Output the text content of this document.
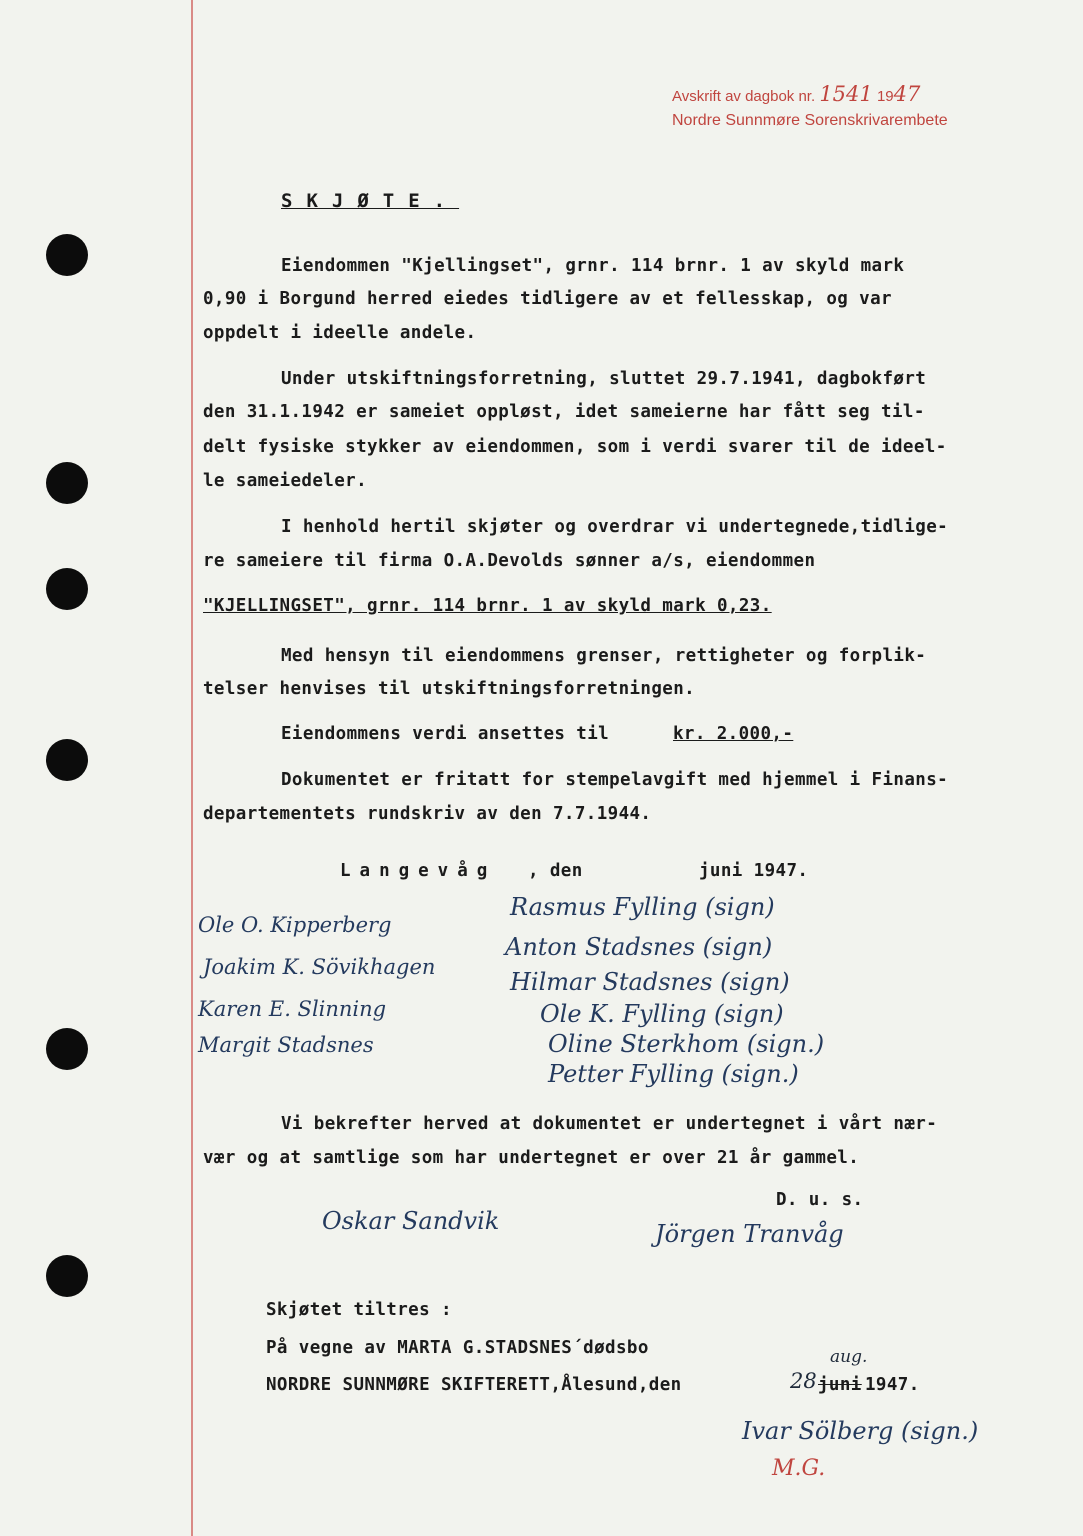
Avskrift av dagbok nr. 1541 1947
Nordre Sunnmøre Sorenskrivarembete
SKJØTE.
Eiendommen "Kjellingset", grnr. 114 brnr. 1 av skyld mark
0,90 i Borgund herred eiedes tidligere av et fellesskap, og var
oppdelt i ideelle andele.
Under utskiftningsforretning, sluttet 29.7.1941, dagbokført
den 31.1.1942 er sameiet oppløst, idet sameierne har fått seg til-
delt fysiske stykker av eiendommen, som i verdi svarer til de ideel-
le sameiedeler.
I henhold hertil skjøter og overdrar vi undertegnede,tidlige-
re sameiere til firma O.A.Devolds sønner a/s, eiendommen
"KJELLINGSET", grnr. 114 brnr. 1 av skyld mark 0,23.
Med hensyn til eiendommens grenser, rettigheter og forplik-
telser henvises til utskiftningsforretningen.
Eiendommens verdi ansettes til	kr. 2.000,-
Dokumentet er fritatt for stempelavgift med hjemmel i Finans-
departementets rundskriv av den 7.7.1944.
Langevåg , den	juni 1947.
Rasmus Fylling (sign)
Anton Stadsnes (sign)
Hilmar Stadsnes (sign)
Ole K. Fylling (sign)
Oline Sterkhom (sign.)
Petter Fylling (sign.)
Ole O. Kipperberg
Joakim K. Sövikhagen
Karen E. Slinning
Margit Stadsnes
Vi bekrefter herved at dokumentet er undertegnet i vårt nær-
vær og at samtlige som har undertegnet er over 21 år gammel.
D. u. s.
Oskar Sandvik	Jörgen Tranvåg
Skjøtet tiltres :
På vegne av MARTA G.STADSNES´dødsbo
NORDRE SUNNMØRE SKIFTERETT,Ålesund,den	28
aug.
juni 1947.
Ivar Sölberg (sign.)
M.G.
